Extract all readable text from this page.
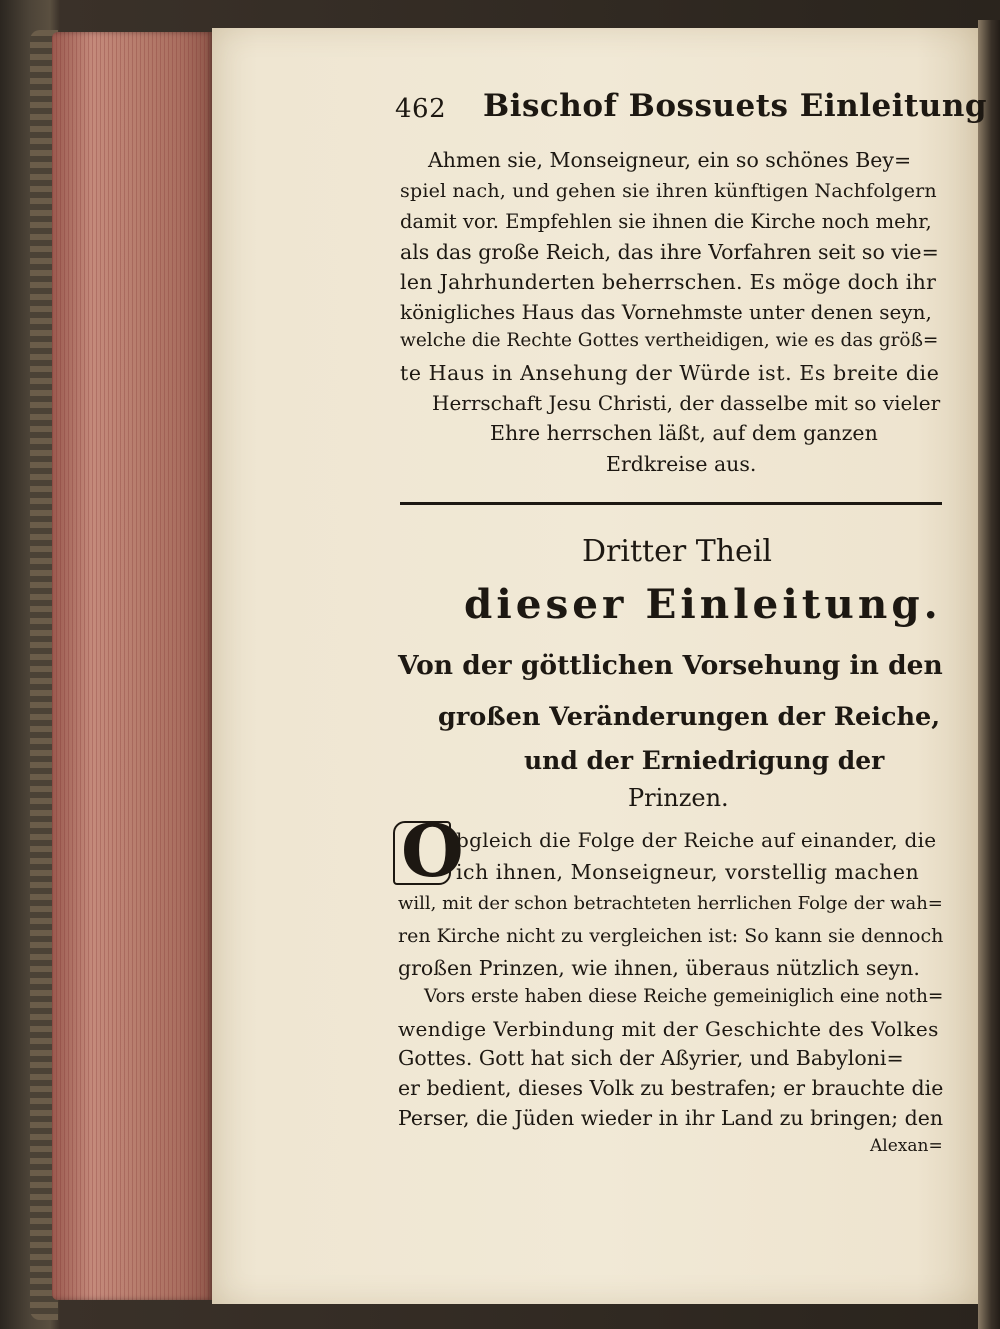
462 Bischof Bossuets Einleitung
Ahmen sie, Monseigneur, ein so schönes Bey=
spiel nach, und gehen sie ihren künftigen Nachfolgern
damit vor. Empfehlen sie ihnen die Kirche noch mehr,
als das große Reich, das ihre Vorfahren seit so vie=
len Jahrhunderten beherrschen. Es möge doch ihr
königliches Haus das Vornehmste unter denen seyn,
welche die Rechte Gottes vertheidigen, wie es das größ=
te Haus in Ansehung der Würde ist. Es breite die
Herrschaft Jesu Christi, der dasselbe mit so vieler
Ehre herrschen läßt, auf dem ganzen
Erdkreise aus.
Dritter Theil
dieser Einleitung.
Von der göttlichen Vorsehung in den
großen Veränderungen der Reiche,
und der Erniedrigung der
Prinzen.
O
bgleich die Folge der Reiche auf einander, die
ich ihnen, Monseigneur, vorstellig machen
will, mit der schon betrachteten herrlichen Folge der wah=
ren Kirche nicht zu vergleichen ist: So kann sie dennoch
großen Prinzen, wie ihnen, überaus nützlich seyn.
Vors erste haben diese Reiche gemeiniglich eine noth=
wendige Verbindung mit der Geschichte des Volkes
Gottes. Gott hat sich der Aßyrier, und Babyloni=
er bedient, dieses Volk zu bestrafen; er brauchte die
Perser, die Jüden wieder in ihr Land zu bringen; den
Alexan=
